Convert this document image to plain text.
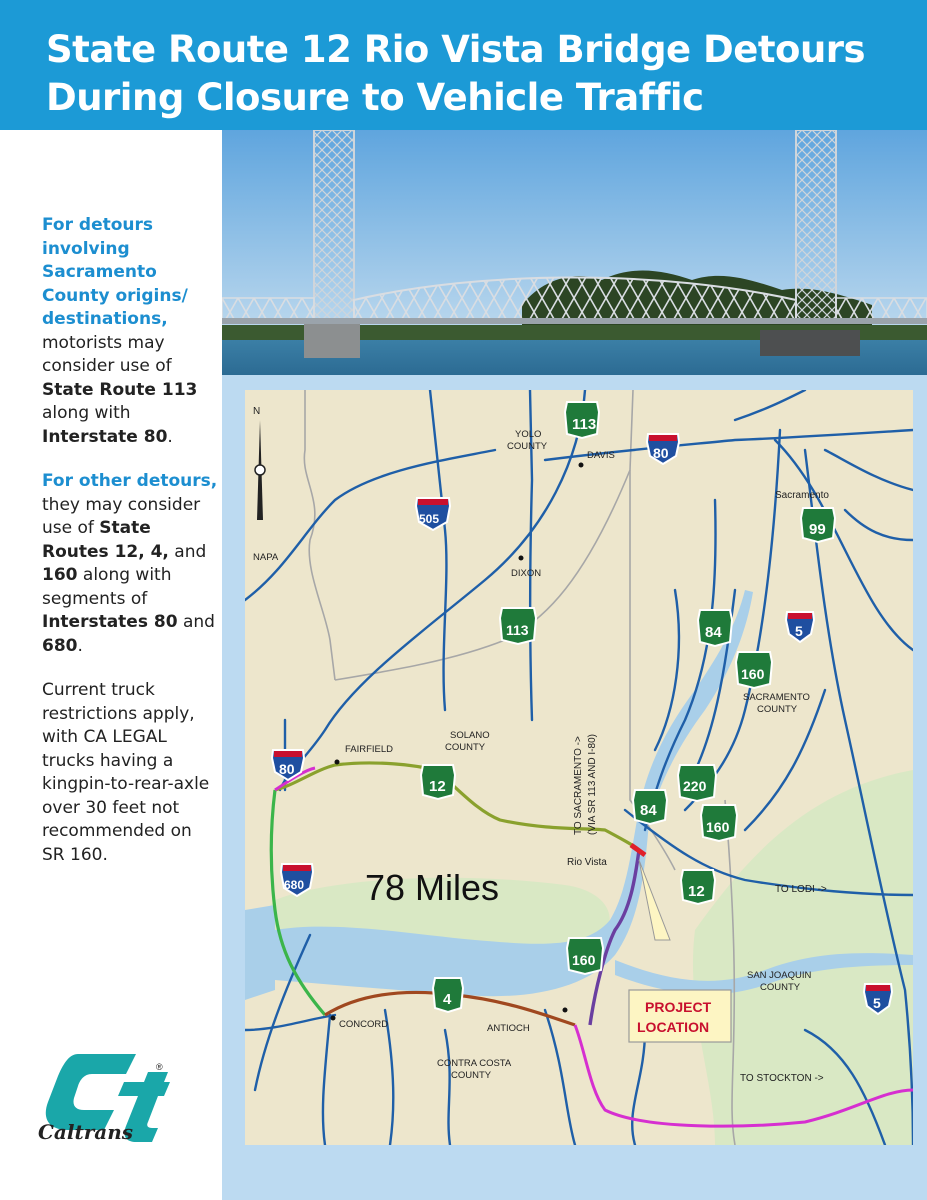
State Route 12 Rio Vista Bridge Detours
During Closure to Vehicle Traffic

For detours involving Sacramento County origins/ destinations, motorists may consider use of State Route 113 along with Interstate 80.

For other detours, they may consider use of State Routes 12, 4, and 160 along with segments of Interstates 80 and 680.

Current truck restrictions apply, with CA LEGAL trucks having a kingpin-to-rear-axle over 30 feet not recommended on SR 160.

®
Caltrans
N
YOLO
COUNTY
DAVIS
Sacramento
NAPA
DIXON
FAIRFIELD
SOLANO
COUNTY
SACRAMENTO
COUNTY
Rio Vista
TO LODI ->
SAN JOAQUIN
COUNTY
CONCORD	ANTIOCH
CONTRA COSTA
COUNTY	TO STOCKTON ->
TO SACRAMENTO -> (VIA SR 113 AND I-80)
78 Miles
PROJECT
LOCATION
113
99
113	84
160
12	220
84
160
12
160
4
80
505
5
80
680
5
